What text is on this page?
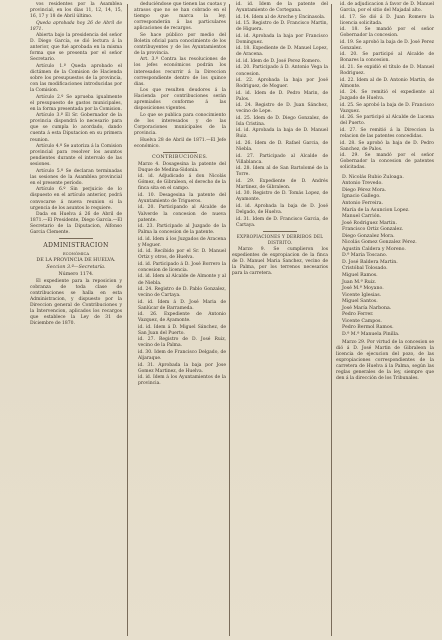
vos residentes por la Asamblea provincial, en los dias 11, 12, 14, 15, 16, 17 y 18 de Abril último.

Queda aprobada hoy 26 de Abril de 1871.

Abierta bajo la presidencia del señor D. Diego García, se dió lectura á la anterior, que fué aprobada en la misma forma que se presenta por el señor Secretario.

Artículo 1.º Queda aprobado el dictámen de la Comision de Hacienda sobre los presupuestos de la provincia, con las modificaciones introducidas por la Comision.

Artículo 2.º Se aprueba igualmente el presupuesto de gastos municipales, en la forma presentada por la Comision.

Artículo 3.º El Sr. Gobernador de la provincia dispondrá lo necesario para que se cumpla lo acordado, dando cuenta á esta Diputacion en su primera reunion.

Artículo 4.º Se autoriza á la Comision provincial para resolver los asuntos pendientes durante el intervalo de las sesiones.

Artículo 5.º Se declaran terminadas las sesiones de la Asamblea provincial en el presente período.

Artículo 6.º Sin perjuicio de lo dispuesto en el artículo anterior, podrá convocarse á nueva reunion si la urgencia de los asuntos lo requiere.

Dada en Huelva á 26 de Abril de 1871.—El Presidente, Diego García.—El Secretario de la Diputacion, Alfonso Garcia Clemente.

ADMINISTRACION
ECONÓMICA
DE LA PROVINCIA DE HUELVA.
Seccion 3.ª—Secretaría.
Número 1174.

El expediente para la reposicion y cobranza de toda clase de contribuciones se halla en esta Administracion, y dispuesto por la Direccion general de Contribuciones y la Intervencion, aplicados los recargos que establece la Ley de 31 de Diciembre de 1870.

deduciéndose que tienen las cuotas y atrasos que no se han cobrado en el tiempo que marca la ley, corresponderán á las particulares aplicaciones de recargos.

Se hace público por medio del Boletin oficial para conocimiento de los contribuyentes y de los Ayuntamientos de la provincia.

Art. 3.º Contra las resoluciones de los jefes económicos podrán los interesados recurrir á la Direccion correspondiente dentro de los quince dias.

Los que resulten deudores á la Hacienda por contribuciones serán apremiados conforme á las disposiciones vigentes.

Lo que se publica para conocimiento de los interesados y de las Corporaciones municipales de la provincia.

Huelva 28 de Abril de 1871.—El Jefe económico.

CONTRIBUCIONES.

Marzo 4. Dosagesina la patente del Duque de Medina-Sidonia.

id. id. Adjudicado á don Nicolás Gómez, de Gibraleon, el derecho de la finca sita en el campo.

id. 10. Desagesina la patente del Ayuntamiento de Trigueros.

id. 20. Participando al Alcalde de Valverde la concesion de nueva patente.

id. 23. Participado al Juzgado de la Palma la concesion de la patente.

id. id. Idem á los Juzgados de Aracena y Moguer.

id. id. Recibido por el Sr. D. Manuel Ortiz y otros, de Huelva.

id. id. Participado á D. José Borrero la concesion de licencia.

id. id. Idem al Alcalde de Almonte y al de Niebla.

id. 24. Registro de D. Pablo Gonzalez, vecino de Cartaya.

id. id. Idem á D. José Maria de Sanlúcar de Barrameda.

id. 26. Expediente de Antonio Vazquez, de Ayamonte.

id. id. Idem á D. Miguel Sánchez, de San Juan del Puerto.

id. 27. Registro de D. José Ruiz, vecino de la Palma.

id. 30. Idem de Francisco Delgado, de Aljaraque.

id. 31. Aprobada la baja por Jose Gomez Martinez, de Huelva.

id. id. Idem á los Ayuntamientos de la provincia.

id. id. Idem de la patente del Ayuntamiento de Cortegana.

id. 14. Idem al de Aroche y Encinasola.

id. 15. Registro de D. Francisco Martin, de Higuera.

id. id. Aprobada la baja por Francisco Dominguez.

id. 18. Expediente de D. Manuel Lopez, de Aracena.

id. id. Idem de D. José Perez Romero.

id. 20. Participado á D. Antonio Vega la concesion.

id. 22. Aprobada la baja por José Rodriguez, de Moguer.

id. id. Idem de D. Pedro Marin, de Palos.

id. 24. Registro de D. Juan Sánchez, vecino de Lepe.

id. 25. Idem de D. Diego Gonzalez, de Isla Cristina.

id. id. Aprobada la baja de D. Manuel Ruiz.

id. 26. Idem de D. Rafael Garcia, de Niebla.

id. 27. Participado al Alcalde de Villablanca.

id. 28. Idem al de San Bartolomé de la Torre.

id. 29. Expediente de D. Andrés Martinez, de Gibraleon.

id. 30. Registro de D. Tomás Lopez, de Ayamonte.

id. id. Aprobada la baja de D. José Delgado, de Huelva.

id. 31. Idem de D. Francisco Garcia, de Cartaya.

EXPROPIACIONES Y DERRIBOS DEL DISTRITO.

Marzo 9. Se cumplieron los expedientes de expropiacion de la finca de D. Manuel Maria Sanchez, vecino de la Palma, por los terrenos necesarios para la carretera.

id. de adjudicacion á favor de D. Manuel Garcia, por el sitio del Majadal alto.

id. 17. Se dió á D. Juan Romero la licencia solicitada.

id. 18. Se mandó por el señor Gobernador la concesion.

id. 19. Se aprobó la baja de D. José Perez Gonzalez.

id. 20. Se participó al Alcalde de Bonares la concesion.

id. 21. Se expidió el título de D. Manuel Rodriguez.

id. 22. Idem al de D. Antonio Martin, de Almonte.

id. 24. Se remitió el expediente al Juzgado de Huelva.

id. 25. Se aprobó la baja de D. Francisco Vazquez.

id. 26. Se participó al Alcalde de Lucena del Puerto.

id. 27. Se remitió á la Direccion la relacion de las patentes concedidas.

id. 28. Se aprobó la baja de D. Pedro Sanchez, de Palos.

id. 29. Se mandó por el señor Gobernador la concesion de patentes solicitadas.

D. Nicolás Rubio Zuloaga.

Antonio Trevedo.

Diego Pérez Mora.

Ignacio Gallego.

Antonio Ferreira.

María de la Asuncion Lopez.

Manuel Carrión.

José Rodriguez Martin.

Francisco Ortiz Gonzalez.

Diego Gonzalez Mora.

Nicolás Gomez Gonzalez Pérez.

Agustin Caldera y Moreno.

D.ª Maria Toscano.

D. José Baldera Martin.

Cristóbal Tolosado.

Miguel Ramos.

Juan M.ª Ruiz.

José M.ª Moyano.

Vicente Iglesias.

Miguel Santos.

José María Narbona.

Pedro Ferrer.

Vicente Campos.

Pedro Bermol Ramos.

D.ª M.ª Manuela Pinilla.

Marzo 29. Por virtud de la concesion se dió á D. José Martin de Gibraleon la licencia de ejecucion del pozo, de las expropiaciones correspondientes de la carretera de Huelva á la Palma, según las reglas generales de la ley, siempre que den á la dirección de los Tribunales.
